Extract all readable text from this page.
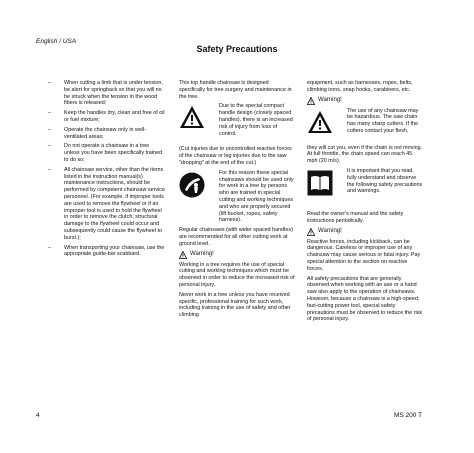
English / USA
Safety Precautions
– When cutting a limb that is under tension, be alert for springback so that you will no be struck when the tension in the wood fibers is released;
– Keep the handles dry, clean and free of oil or fuel mixture;
– Operate the chainsaw only in well-ventilated areas;
– Do not operate a chainsaw in a tree unless you have been specifically trained to do so;
– All chainsaw service, other than the items listed in the instruction manual(s) maintenance instructions, should be performed by competent chainsaw service personnel. (For example, if improper tools are used to remove the flywheel or if an improper tool is used to hold the flywheel in order to remove the clutch, structural damage to the flywheel could occur and subsequently could cause the flywheel to burst.);
– When transporting your chainsaw, use the appropriate guide-bar scabbard.

This top handle chainsaw is designed specifically for tree surgery and maintenance in the tree.

Due to the special compact handle design (closely spaced handles), there is an increased risk of injury from loss of control.

(Cut injuries due to uncontrolled reactive forces of the chainsaw or leg injuries due to the saw "dropping" at the end of the cut.)

For this reason these special chainsaws should be used only for work in a tree by persons who are trained in special cutting and working techniques and who are properly secured (lift bucket, ropes, safety harness).

Regular chainsaws (with wider spaced handles) are recommended for all other cutting work at ground level.

Warning!

Working in a tree requires the use of special cutting and working techniques which must be observed in order to reduce the increased risk of personal injury.

Never work in a tree unless you have received specific, professional training for such work, including training in the use of safety and other climbing

equipment, such as harnesses, ropes, belts, climbing irons, snap hooks, carabiners, etc.

Warning!
The use of any chainsaw may be hazardous. The saw chain has many sharp cutters. If the cutters contact your flesh,

they will cut you, even if the chain is not moving. At full throttle, the chain speed can reach 45 mph (20 m/s).

It is important that you read, fully understand and observe the following safety precautions and warnings.

Read the owner's manual and the safety instructions periodically.

Warning!

Reactive forces, including kickback, can be dangerous. Careless or improper use of any chainsaw may cause serious or fatal injury. Pay special attention to the section on reactive forces.

All safety precautions that are generally observed when working with an axe or a hand saw also apply to the operation of chainsaws. However, because a chainsaw is a high-speed, fast-cutting power tool, special safety precautions must be observed to reduce the risk of personal injury.

4	MS 200 T
